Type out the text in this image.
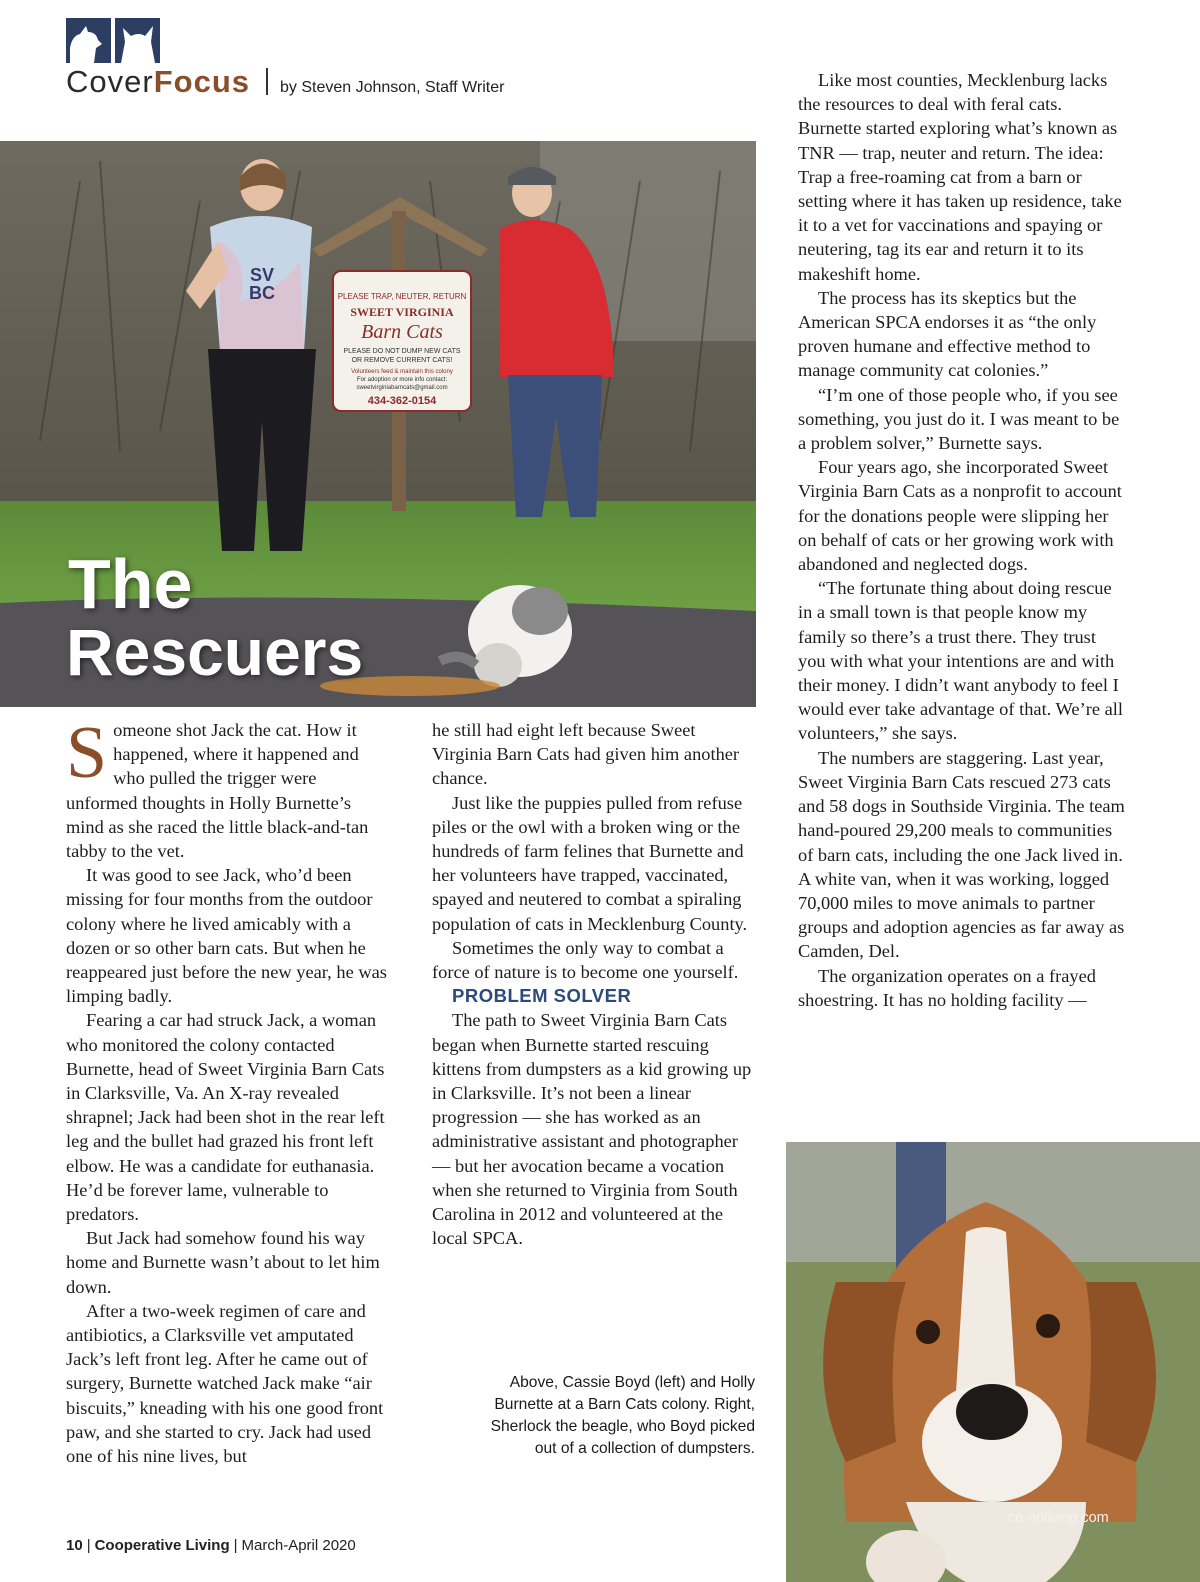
Cover Focus by Steven Johnson, Staff Writer
PLEASE TRAP, NEUTER, RETURN
SWEET VIRGINIA
Barn Cats
PLEASE DO NOT DUMP NEW CATS
OR REMOVE CURRENT CATS!
Volunteers feed & maintain this colony
For adoption or more info contact:
sweetvirginiabarncats@gmail.com
434-362-0154
SV
BC
The
Rescuers

Someone shot Jack the cat. How it happened, where it happened and who pulled the trigger were unformed thoughts in Holly Burnette’s mind as she raced the little black-and-tan tabby to the vet.

It was good to see Jack, who’d been missing for four months from the outdoor colony where he lived amicably with a dozen or so other barn cats. But when he reappeared just before the new year, he was limping badly.

Fearing a car had struck Jack, a woman who monitored the colony contacted Burnette, head of Sweet Virginia Barn Cats in Clarksville, Va. An X-ray revealed shrapnel; Jack had been shot in the rear left leg and the bullet had grazed his front left elbow. He was a candidate for euthanasia. He’d be forever lame, vulnerable to predators.

But Jack had somehow found his way home and Burnette wasn’t about to let him down.

After a two-week regimen of care and antibiotics, a Clarksville vet amputated Jack’s left front leg. After he came out of surgery, Burnette watched Jack make “air biscuits,” kneading with his one good front paw, and she started to cry. Jack had used one of his nine lives, but

he still had eight left because Sweet Virginia Barn Cats had given him another chance.

Just like the puppies pulled from refuse piles or the owl with a broken wing or the hundreds of farm felines that Burnette and her volunteers have trapped, vaccinated, spayed and neutered to combat a spiraling population of cats in Mecklenburg County.

Sometimes the only way to combat a force of nature is to become one yourself.

PROBLEM SOLVER

The path to Sweet Virginia Barn Cats began when Burnette started rescuing kittens from dumpsters as a kid growing up in Clarksville. It’s not been a linear progression — she has worked as an administrative assistant and photographer — but her avocation became a vocation when she returned to Virginia from South Carolina in 2012 and volunteered at the local SPCA.

Like most counties, Mecklenburg lacks the resources to deal with feral cats. Burnette started exploring what’s known as TNR — trap, neuter and return. The idea: Trap a free-roaming cat from a barn or setting where it has taken up residence, take it to a vet for vaccinations and spaying or neutering, tag its ear and return it to its makeshift home.

The process has its skeptics but the American SPCA endorses it as “the only proven humane and effective method to manage community cat colonies.”

“I’m one of those people who, if you see something, you just do it. I was meant to be a problem solver,” Burnette says.

Four years ago, she incorporated Sweet Virginia Barn Cats as a nonprofit to account for the donations people were slipping her on behalf of cats or her growing work with abandoned and neglected dogs.

“The fortunate thing about doing rescue in a small town is that people know my family so there’s a trust there. They trust you with what your intentions are and with their money. I didn’t want anybody to feel I would ever take advantage of that. We’re all volunteers,” she says.

The numbers are staggering. Last year, Sweet Virginia Barn Cats rescued 273 cats and 58 dogs in Southside Virginia. The team hand-poured 29,200 meals to communities of barn cats, including the one Jack lived in. A white van, when it was working, logged 70,000 miles to move animals to partner groups and adoption agencies as far away as Camden, Del.

The organization operates on a frayed shoestring. It has no holding facility —

Above, Cassie Boyd (left) and Holly Burnette at a Barn Cats colony. Right, Sherlock the beagle, who Boyd picked out of a collection of dumpsters.
co-opliving.com
10 | Cooperative Living | March-April 2020
